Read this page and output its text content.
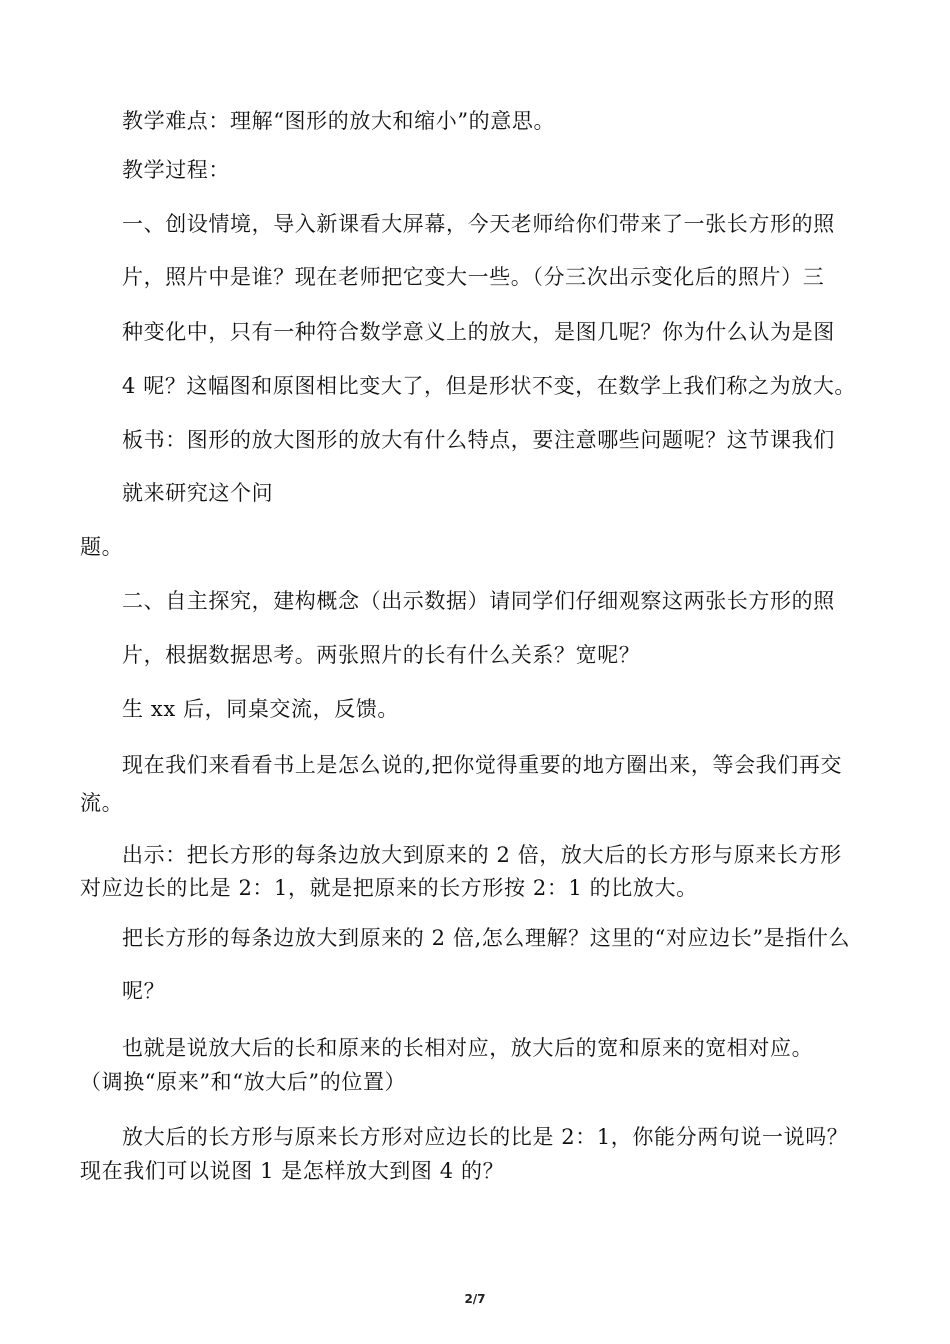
教学难点：理解“图形的放大和缩小”的意思。
教学过程：
一、创设情境，导入新课看大屏幕，今天老师给你们带来了一张长方形的照
片，照片中是谁？现在老师把它变大一些。（分三次出示变化后的照片）三
种变化中，只有一种符合数学意义上的放大，是图几呢？你为什么认为是图
4 呢？这幅图和原图相比变大了，但是形状不变，在数学上我们称之为放大。
板书：图形的放大图形的放大有什么特点，要注意哪些问题呢？这节课我们
就来研究这个问
题。
二、自主探究，建构概念（出示数据）请同学们仔细观察这两张长方形的照
片，根据数据思考。两张照片的长有什么关系？宽呢？
生 xx 后，同桌交流，反馈。
现在我们来看看书上是怎么说的,把你觉得重要的地方圈出来，等会我们再交
流。
出示：把长方形的每条边放大到原来的 2 倍，放大后的长方形与原来长方形
对应边长的比是 2：1，就是把原来的长方形按 2：1 的比放大。
把长方形的每条边放大到原来的 2 倍,怎么理解？这里的“对应边长”是指什么
呢？
也就是说放大后的长和原来的长相对应，放大后的宽和原来的宽相对应。
（调换“原来”和“放大后”的位置）
放大后的长方形与原来长方形对应边长的比是 2：1，你能分两句说一说吗？
现在我们可以说图 1 是怎样放大到图 4 的？
2/7
